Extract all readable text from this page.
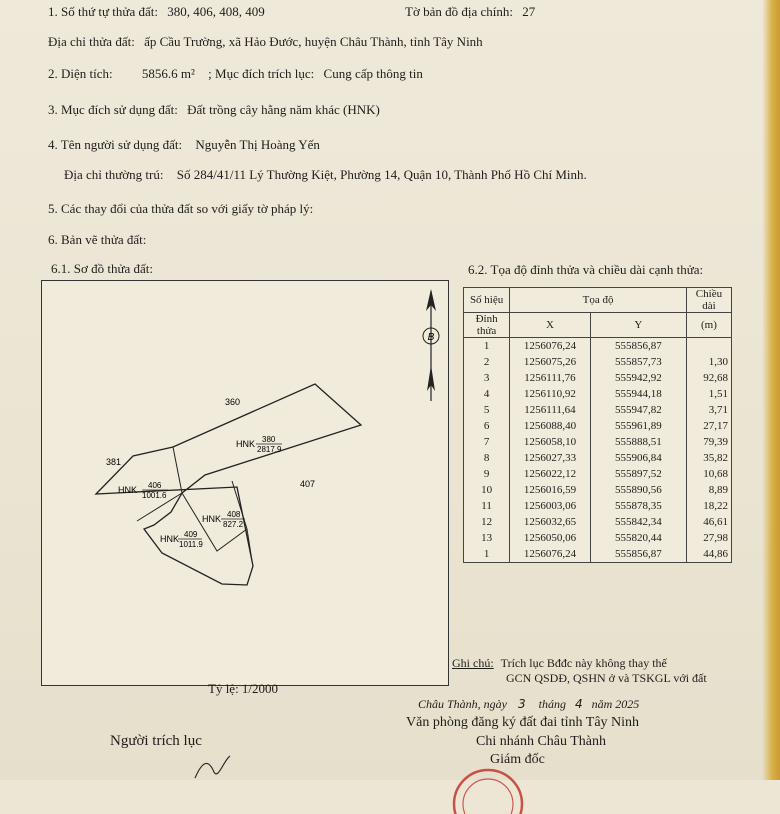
1. Số thứ tự thửa đất: 380, 406, 408, 409	Tờ bản đồ địa chính: 27
Địa chỉ thửa đất: ấp Cầu Trường, xã Hảo Đước, huyện Châu Thành, tỉnh Tây Ninh
2. Diện tích: 5856.6 m² ; Mục đích trích lục: Cung cấp thông tin
3. Mục đích sử dụng đất: Đất trồng cây hằng năm khác (HNK)
4. Tên người sử dụng đất: Nguyễn Thị Hoàng Yến
Địa chỉ thường trú: Số 284/41/11 Lý Thường Kiệt, Phường 14, Quận 10, Thành Phố Hồ Chí Minh.
5. Các thay đổi của thửa đất so với giấy tờ pháp lý:
6. Bản vẽ thửa đất:
6.1. Sơ đồ thửa đất:	6.2. Tọa độ đỉnh thửa và chiều dài cạnh thửa:
B
360
381
407
HNK 380
2817.9
HNK 406
1001.6
HNK 408
827.2
HNK 409
1011.9
Tỷ lệ: 1/2000
Số hiệu	Tọa độ		Chiều dài
Đỉnh thửa	X	Y	(m)
1	1256076,24	555856,87	
2	1256075,26	555857,73	1,30
3	1256111,76	555942,92	92,68
4	1256110,92	555944,18	1,51
5	1256111,64	555947,82	3,71
6	1256088,40	555961,89	27,17
7	1256058,10	555888,51	79,39
8	1256027,33	555906,84	35,82
9	1256022,12	555897,52	10,68
10	1256016,59	555890,56	8,89
11	1256003,06	555878,35	18,22
12	1256032,65	555842,34	46,61
13	1256050,06	555820,44	27,98
1	1256076,24	555856,87	44,86
Ghi chú: Trích lục Bđđc này không thay thế
GCN QSDĐ, QSHN ở và TSKGL với đất
Châu Thành, ngày 3 tháng 4 năm 2025
Văn phòng đăng ký đất đai tỉnh Tây Ninh
Chi nhánh Châu Thành
Giám đốc
Người trích lục
